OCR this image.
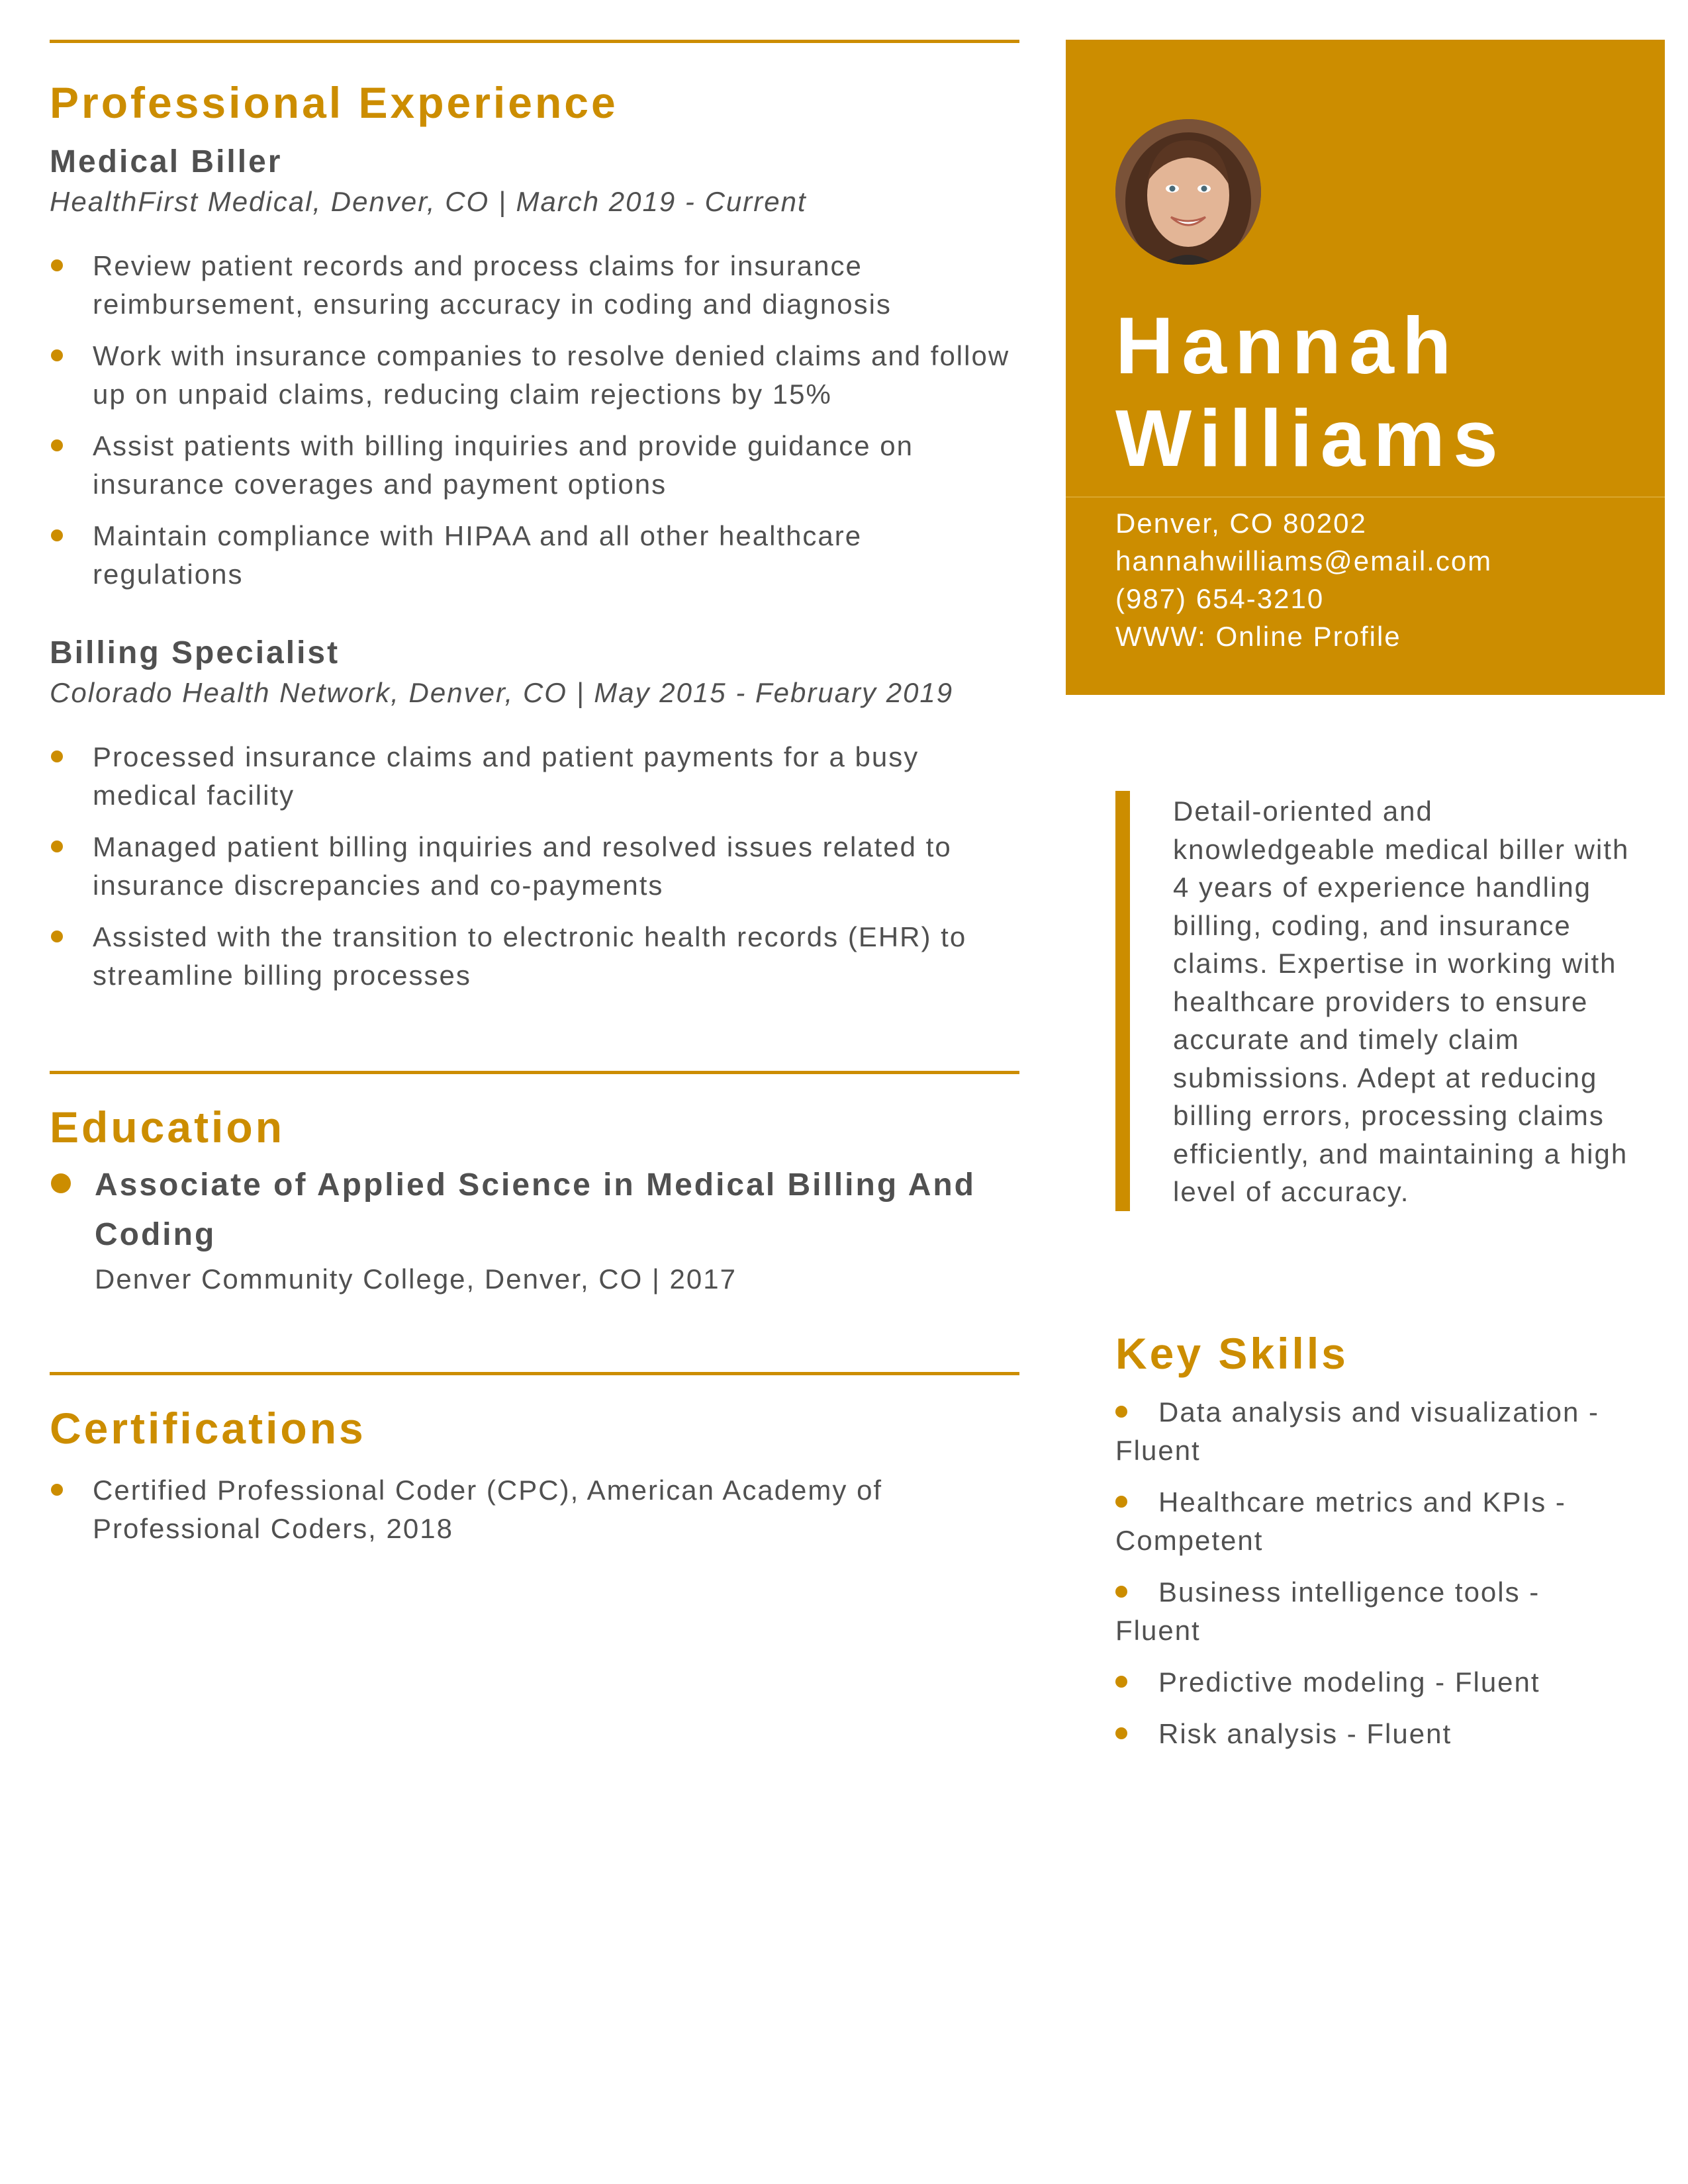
Professional Experience
Medical Biller
HealthFirst Medical, Denver, CO | March 2019 - Current
Review patient records and process claims for insurance reimbursement, ensuring accuracy in coding and diagnosis
Work with insurance companies to resolve denied claims and follow up on unpaid claims, reducing claim rejections by 15%
Assist patients with billing inquiries and provide guidance on insurance coverages and payment options
Maintain compliance with HIPAA and all other healthcare regulations
Billing Specialist
Colorado Health Network, Denver, CO | May 2015 - February 2019
Processed insurance claims and patient payments for a busy medical facility
Managed patient billing inquiries and resolved issues related to insurance discrepancies and co-payments
Assisted with the transition to electronic health records (EHR) to streamline billing processes
Education
Associate of Applied Science in Medical Billing And Coding
Denver Community College, Denver, CO | 2017
Certifications
Certified Professional Coder (CPC), American Academy of Professional Coders, 2018
Hannah
Williams
Denver, CO 80202
hannahwilliams@email.com
(987) 654-3210
WWW: Online Profile
Detail-oriented and knowledgeable medical biller with 4 years of experience handling billing, coding, and insurance claims. Expertise in working with healthcare providers to ensure accurate and timely claim submissions. Adept at reducing billing errors, processing claims efficiently, and maintaining a high level of accuracy.
Key Skills
Data analysis and visualization - Fluent
Healthcare metrics and KPIs - Competent
Business intelligence tools - Fluent
Predictive modeling - Fluent
Risk analysis - Fluent
